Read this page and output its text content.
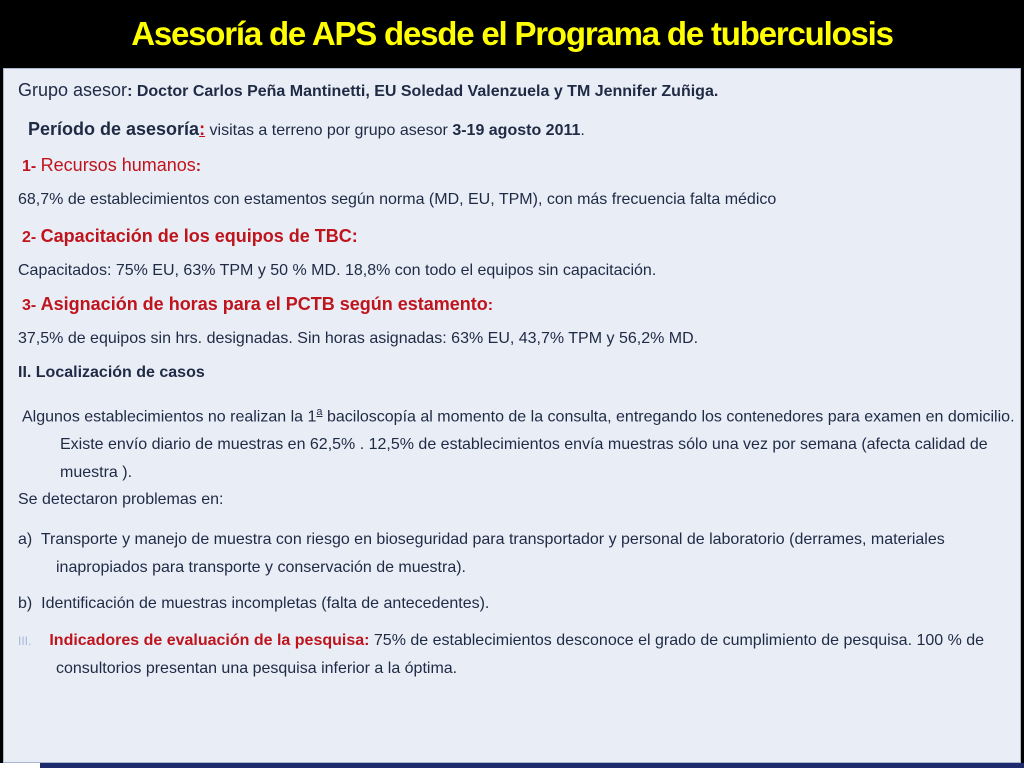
Asesoría de APS desde el Programa de tuberculosis
Grupo asesor: Doctor Carlos Peña Mantinetti, EU Soledad Valenzuela y TM Jennifer Zuñiga.
Período de asesoría: visitas a terreno por grupo asesor 3-19 agosto 2011.
1- Recursos humanos:
68,7% de establecimientos con estamentos según norma (MD, EU, TPM), con más frecuencia falta médico
2- Capacitación de los equipos de TBC:
Capacitados: 75% EU, 63% TPM y 50 % MD. 18,8% con todo el equipos sin capacitación.
3- Asignación de horas para el PCTB según estamento:
37,5% de equipos sin hrs. designadas. Sin horas asignadas: 63% EU, 43,7% TPM y 56,2% MD.
II. Localización de casos
Algunos establecimientos no realizan la 1$^a$ baciloscopía al momento de la consulta, entregando los contenedores para examen en domicilio. Existe envío diario de muestras en 62,5% . 12,5% de establecimientos envía muestras sólo una vez por semana (afecta calidad de muestra ).
Se detectaron problemas en:
a) Transporte y manejo de muestra con riesgo en bioseguridad para transportador y personal de laboratorio (derrames, materiales inapropiados para transporte y conservación de muestra).
b) Identificación de muestras incompletas (falta de antecedentes).
III. Indicadores de evaluación de la pesquisa: 75% de establecimientos desconoce el grado de cumplimiento de pesquisa. 100 % de consultorios presentan una pesquisa inferior a la óptima.
